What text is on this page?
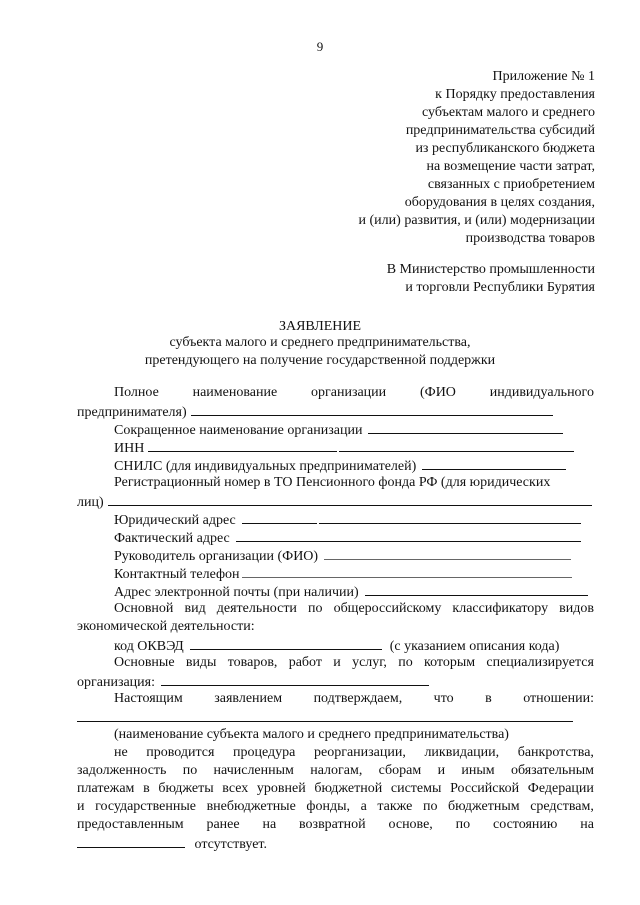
9
Приложение № 1
к Порядку предоставления
субъектам малого и среднего
предпринимательства субсидий
из республиканского бюджета
на возмещение части затрат,
связанных с приобретением
оборудования в целях создания,
и (или) развития, и (или) модернизации
производства товаров
В Министерство промышленности
и торговли Республики Бурятия
ЗАЯВЛЕНИЕ
субъекта малого и среднего предпринимательства,
претендующего на получение государственной поддержки
Полное наименование организации (ФИО индивидуального
предпринимателя)
Сокращенное наименование организации
ИНН
СНИЛС (для индивидуальных предпринимателей)
Регистрационный номер в ТО Пенсионного фонда РФ (для юридических
лиц)
Юридический адрес
Фактический адрес
Руководитель организации (ФИО)
Контактный телефон
Адрес электронной почты (при наличии)
Основной вид деятельности по общероссийскому классификатору видов
экономической деятельности:
код ОКВЭД	(с указанием описания кода)
Основные виды товаров, работ и услуг, по которым специализируется
организация:
Настоящим заявлением подтверждаем, что в отношении:
(наименование субъекта малого и среднего предпринимательства)
не проводится процедура реорганизации, ликвидации, банкротства,
задолженность по начисленным налогам, сборам и иным обязательным
платежам в бюджеты всех уровней бюджетной системы Российской Федерации
и государственные внебюджетные фонды, а также по бюджетным средствам,
предоставленным ранее на возвратной основе, по состоянию на
отсутствует.
